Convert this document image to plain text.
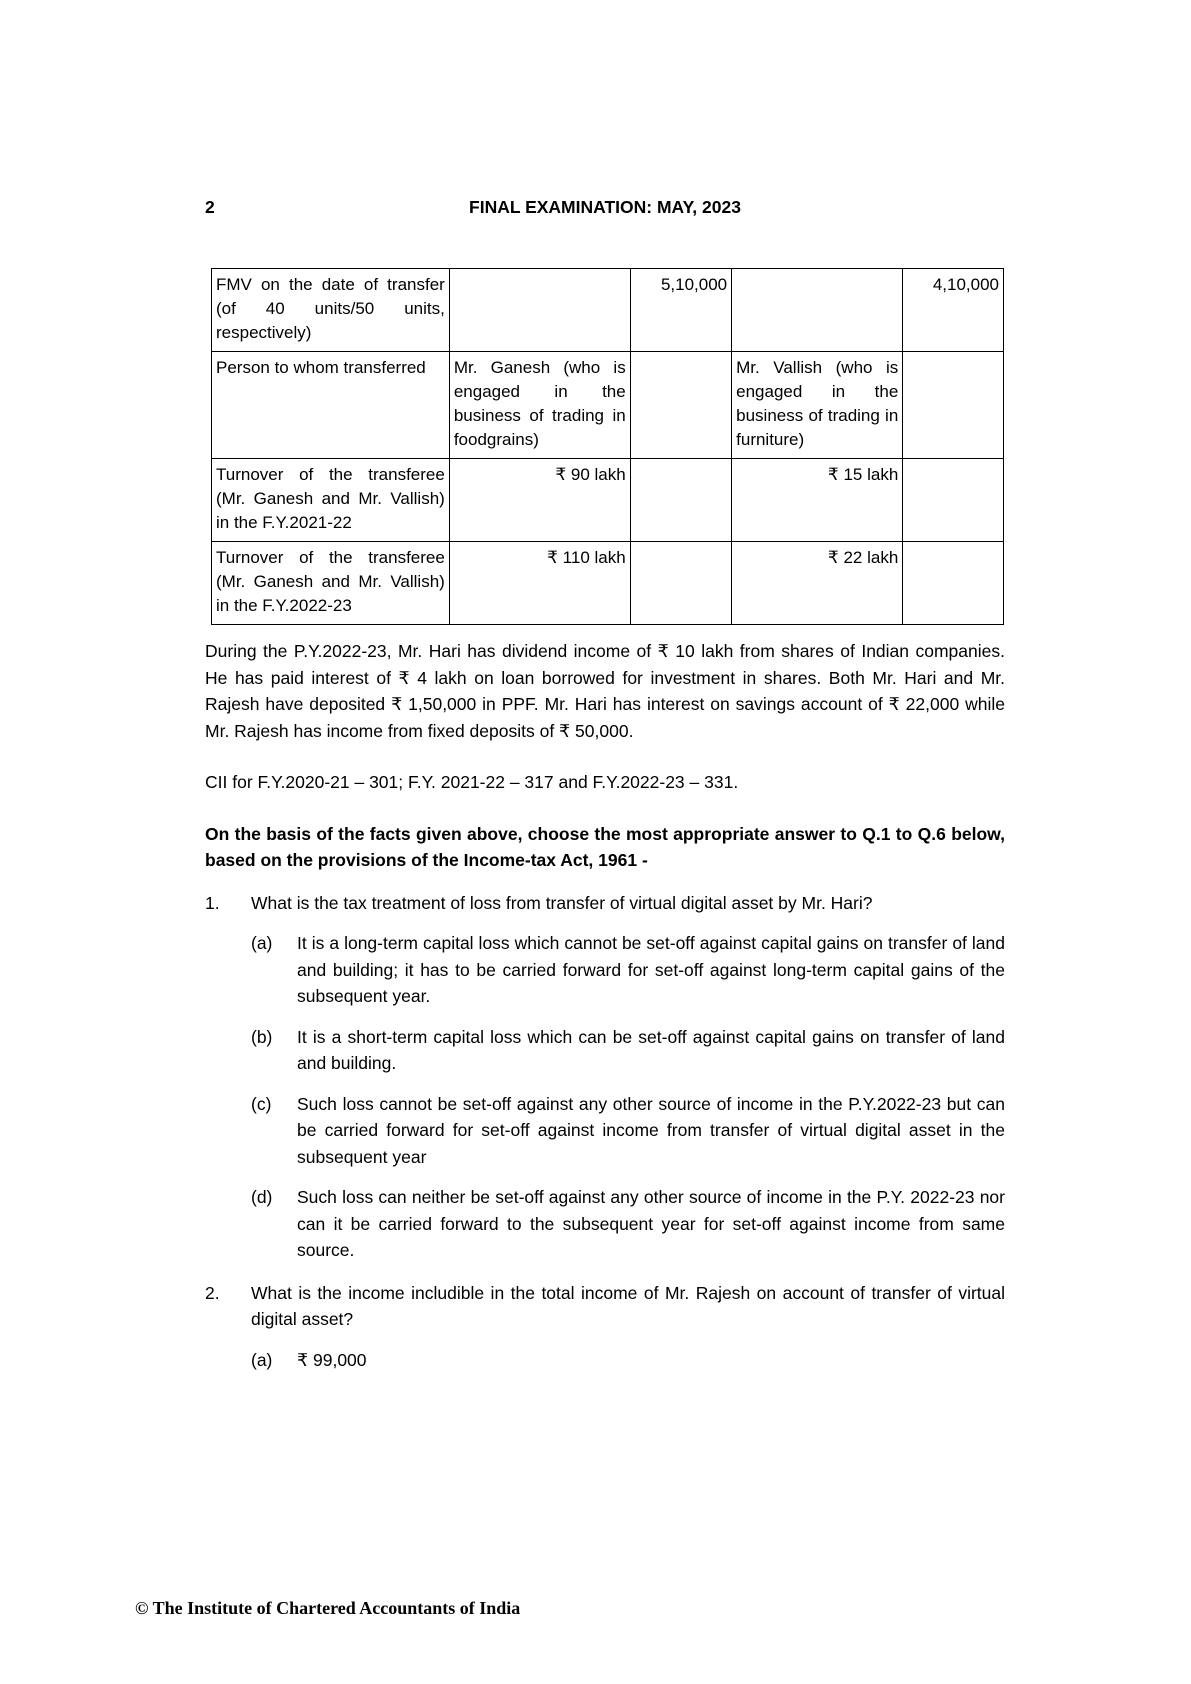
2	FINAL EXAMINATION: MAY, 2023
FMV on the date of transfer (of 40 units/50 units, respectively)		5,10,000		4,10,000
Person to whom transferred	Mr. Ganesh (who is engaged in the business of trading in foodgrains)		Mr. Vallish (who is engaged in the business of trading in furniture)	
Turnover of the transferee (Mr. Ganesh and Mr. Vallish) in the F.Y.2021-22	₹ 90 lakh		₹ 15 lakh	
Turnover of the transferee (Mr. Ganesh and Mr. Vallish) in the F.Y.2022-23	₹ 110 lakh		₹ 22 lakh	

During the P.Y.2022-23, Mr. Hari has dividend income of ₹ 10 lakh from shares of Indian companies. He has paid interest of ₹ 4 lakh on loan borrowed for investment in shares. Both Mr. Hari and Mr. Rajesh have deposited ₹ 1,50,000 in PPF. Mr. Hari has interest on savings account of ₹ 22,000 while Mr. Rajesh has income from fixed deposits of ₹ 50,000.

CII for F.Y.2020-21 – 301; F.Y. 2021-22 – 317 and F.Y.2022-23 – 331.

On the basis of the facts given above, choose the most appropriate answer to Q.1 to Q.6 below, based on the provisions of the Income-tax Act, 1961 -

1.	What is the tax treatment of loss from transfer of virtual digital asset by Mr. Hari?
(a)	It is a long-term capital loss which cannot be set-off against capital gains on transfer of land and building; it has to be carried forward for set-off against long-term capital gains of the subsequent year.
(b)	It is a short-term capital loss which can be set-off against capital gains on transfer of land and building.
(c)	Such loss cannot be set-off against any other source of income in the P.Y.2022-23 but can be carried forward for set-off against income from transfer of virtual digital asset in the subsequent year
(d)	Such loss can neither be set-off against any other source of income in the P.Y. 2022-23 nor can it be carried forward to the subsequent year for set-off against income from same source.
2.	What is the income includible in the total income of Mr. Rajesh on account of transfer of virtual digital asset?
(a)	₹ 99,000
© The Institute of Chartered Accountants of India
